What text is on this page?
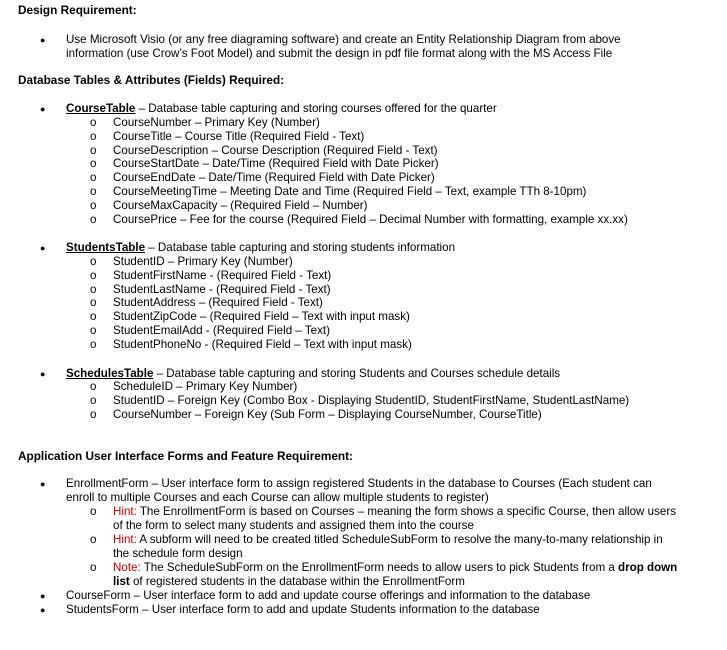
Design Requirement:
● Use Microsoft Visio (or any free diagraming software) and create an Entity Relationship Diagram from above
information (use Crow’s Foot Model) and submit the design in pdf file format along with the MS Access File
Database Tables & Attributes (Fields) Required:
● CourseTable – Database table capturing and storing courses offered for the quarter
o CourseNumber – Primary Key (Number)
o CourseTitle – Course Title (Required Field - Text)
o CourseDescription – Course Description (Required Field - Text)
o CourseStartDate – Date/Time (Required Field with Date Picker)
o CourseEndDate – Date/Time (Required Field with Date Picker)
o CourseMeetingTime – Meeting Date and Time (Required Field – Text, example TTh 8-10pm)
o CourseMaxCapacity – (Required Field – Number)
o CoursePrice – Fee for the course (Required Field – Decimal Number with formatting, example xx.xx)
● StudentsTable – Database table capturing and storing students information
o StudentID – Primary Key (Number)
o StudentFirstName - (Required Field - Text)
o StudentLastName - (Required Field - Text)
o StudentAddress – (Required Field - Text)
o StudentZipCode – (Required Field – Text with input mask)
o StudentEmailAdd - (Required Field – Text)
o StudentPhoneNo - (Required Field – Text with input mask)
● SchedulesTable – Database table capturing and storing Students and Courses schedule details
o ScheduleID – Primary Key Number)
o StudentID – Foreign Key (Combo Box - Displaying StudentID, StudentFirstName, StudentLastName)
o CourseNumber – Foreign Key (Sub Form – Displaying CourseNumber, CourseTitle)
Application User Interface Forms and Feature Requirement:
● EnrollmentForm – User interface form to assign registered Students in the database to Courses (Each student can
enroll to multiple Courses and each Course can allow multiple students to register)
o Hint: The EnrollmentForm is based on Courses – meaning the form shows a specific Course, then allow users
of the form to select many students and assigned them into the course
o Hint: A subform will need to be created titled ScheduleSubForm to resolve the many-to-many relationship in
the schedule form design
o Note: The ScheduleSubForm on the EnrollmentForm needs to allow users to pick Students from a drop down
list of registered students in the database within the EnrollmentForm
● CourseForm – User interface form to add and update course offerings and information to the database
● StudentsForm – User interface form to add and update Students information to the database
